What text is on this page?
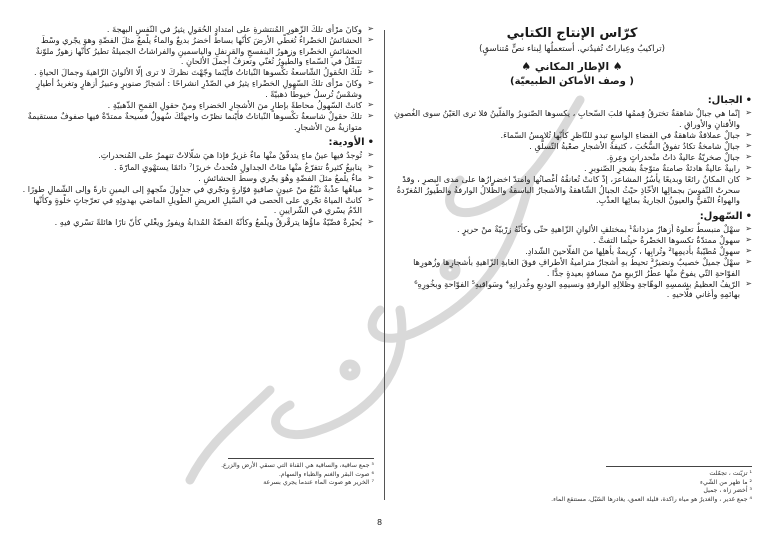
كرّاس الإنتاج الكتابي
(تراكيبُ وعِباراتٌ تُفيدُني. أستعملُها لِبناء نصٍّ مُتناسقٍ)
♠ الإطار المكاني ♠
( وصف الأماكن الطبيعيّة)
•الجبال:
➢
إنّما هي جبالٌ شاهقةٌ تخترقُ قِممُها قلبَ السّحابِ ، يكسوها الصّنوبرُ والفلّينُ فلا ترى العَيْنُ سوى الغُصونِ والأفنانِ والأوراقِ .
➢
جبالٌ عملاقةٌ شاهقةٌ في الفضاءِ الواسعِ تبدو للنّاظرِ كأنّها تُلامسُ السّماءَ.
➢
جبالٌ شامخةٌ تكادُ تفوقُ السُّحُبَ ، كثيفةُ الأشجارِ صعْبةُ التّسلُّقِ .
➢
جبالٌ صخريّةٌ عاليةٌ ذاتُ منْحدراتٍ وعِرةٍ.
➢
رابيةٌ عاليةٌ هادئةٌ صامتةٌ متوّجةٌ بشجرِ الصّنوبرِ .
➢
كان المكانُ رائعًا وبديعًا يأسُرُ المشاعرَ، إذْ كانتْ تُعانقُهُ أغْصانُها وامتدّ اخضرارُها على مدى البصرِ ، وقدْ سحرتْ النّفوسَ بجمالِها الأخّاذِ حيْثُ الجبالُ الشّاهقةُ والأشجارُ الباسقةُ والظّلالُ الوارفةُ والطّيورُ المُغرّدةُ والهواءُ النّقيُّ والعيونُ الجاريةُ بمائِها العذْبِ.
•السّهول:
➢
سهْلٌ منبسطٌ تعلوهُ أزهارٌ مزدانةٌ¹ بمختلفِ الألوانِ الزّاهيةِ حتّى وكأنّهُ زرْبيّةٌ منْ حريرٍ .
➢
سهولٌ ممتدّةٌ تكسوها الخضْرةُ حيثُما التفتَّ .
➢
سهولٌ مُطيّبةٌ بأديمِها² وتُرابِها ، كريمةٌ بأهلِها منَ الفلّاحينَ الشّدادِ.
➢
سهْلٌ جميلٌ خصيبٌ ونضيرٌ³ تحيطُ بهِ أشجارٌ متراميةُ الأطرافِ فوقَ الغابةِ الزّاهيةِ بأشجارِها وزُهورِها الفوّاحةِ التّي يفوحُ منْها عطْرُ الرّبيعِ منْ مسافةٍ بعيدةٍ جدًّا .
➢
الرّيفُ العظيمُ بشمسِهِ الوهّاجةِ وظلالِهِ الوارفةِ ونسيمِهِ الوديعِ وغُدرانِهِ⁴ وسَواقيهِ⁵ الفوّاحةِ وبخُورِهِ⁶ بهائمِهِ وأغاني فلّاحيهِ .
➢
وكانَ مرْأى تلكَ الزّهورِ المُنتشرةِ على امتدادِ الحُقولِ يثيرُ في النّفسِ البهجةَ .
➢
الحشائشُ الخضْراءُ تُغطّي الأرضَ كأنّها بساطٌ أخضرُ بديعٌ والماءُ يلْمعُ مثلَ الفضّةِ وهوَ يجْري وسْطَ الحشائشِ الخضْراءِ وزهورُ البنفسجِ والقرنفلِ والياسمينِ والفراشاتُ الجميلةُ تطيرُ كأنّها زهورٌ ملوّنةٌ تتنقّلُ في السّماءِ والطّيورُ تُغنّي وتعزفُ أجملَ الألحانِ .
➢
تلْكَ الحُقولُ الشّاسعةُ تكْسوها النّباتاتُ فأيْنَما وجّهْتَ نظركَ لا ترى إلّا الألوانَ الزّاهيةَ وجمالَ الحياةِ .
➢
وكانَ مرْأى تلكَ السّهولِ الخضْراءِ يثيرُ في الصّدْرِ انشراحًا : أشجارُ صنوبرٍ وعبيرُ أزهارٍ وتغريدُ أطيارٍ وشمْسٌ تُرسلُ خيوطًا ذهبيّةً .
➢
كانتْ السّهولُ محاطةً بإطارٍ منَ الأشجارِ الخضراءِ ومنْ حقولِ القمحِ الذّهبيّةِ .
➢
تلكَ حقولٌ شاسعةٌ تكْسوها النّباتاتُ فأيْنما نظرْتَ واجهتْكَ سُهولٌ فسيحةٌ ممتدّةٌ فيها صفوفٌ مستقيمةٌ متوازيةٌ منَ الأشجارِ.
•الأودية:
➢
تُوجدُ فيها عينُ ماءٍ يتدفّقُ منْها ماءٌ غزيرٌ فإذا هيَ شلّالاتٌ تنهمرُ على المُنحدراتِ.
➢
ينابيعُ كثيرةٌ تتفرّعُ منْها مئاتُ الجداولِ فتُحدثُ خريرًا⁷ دائمًا يستهْويِ المارّةَ .
➢
ماءٌ يلْمعُ مثلَ الفضّةِ وهُوَ يجْري وسطَ الحشائشِ .
➢
مياهُها عذْبةٌ تنْبُعُ منْ عيونٍ صافيةٍ فوّارةٍ وتجْري في جداولَ متّجهةٍ إلى اليمينِ تارةً وإلى الشّمالِ طورًا .
➢
كانتْ المياهُ تجْري على الحصى في السّيلِ العريضِ الطّويلِ الماضي بهدوئِهِ في تعرّجاتٍ خلْوةٍ وكأنّها الدّمُ يسْري في الشّرايينِ .
➢
بُحيْرةٌ فضّيّةٌ ماؤُها يترقْرقُ ويلْمعُ وكأنّهُ الفضّةُ المُذابةُ ويفورُ ويغْلي كأنّ نارًا هائلةً تسْري فيهِ .
⁵ جمع ساقية، والساقية هي القناة التي تسقي الأرض والزرع.
⁶ صوت البقر والغنم والظباء والسهام.
⁷ الخرير هو صوت الماء عندما يجري بسرعة
¹ تزيّنت ، تجمّلت
² ما ظهر من الشّيء
³ أخضر زاه ، جميل
⁴ جمع غدير ، والغديرُ هو مياه راكدة، قليلة العمق، يغادرها السّيْل، مستنقع الماء.
8
